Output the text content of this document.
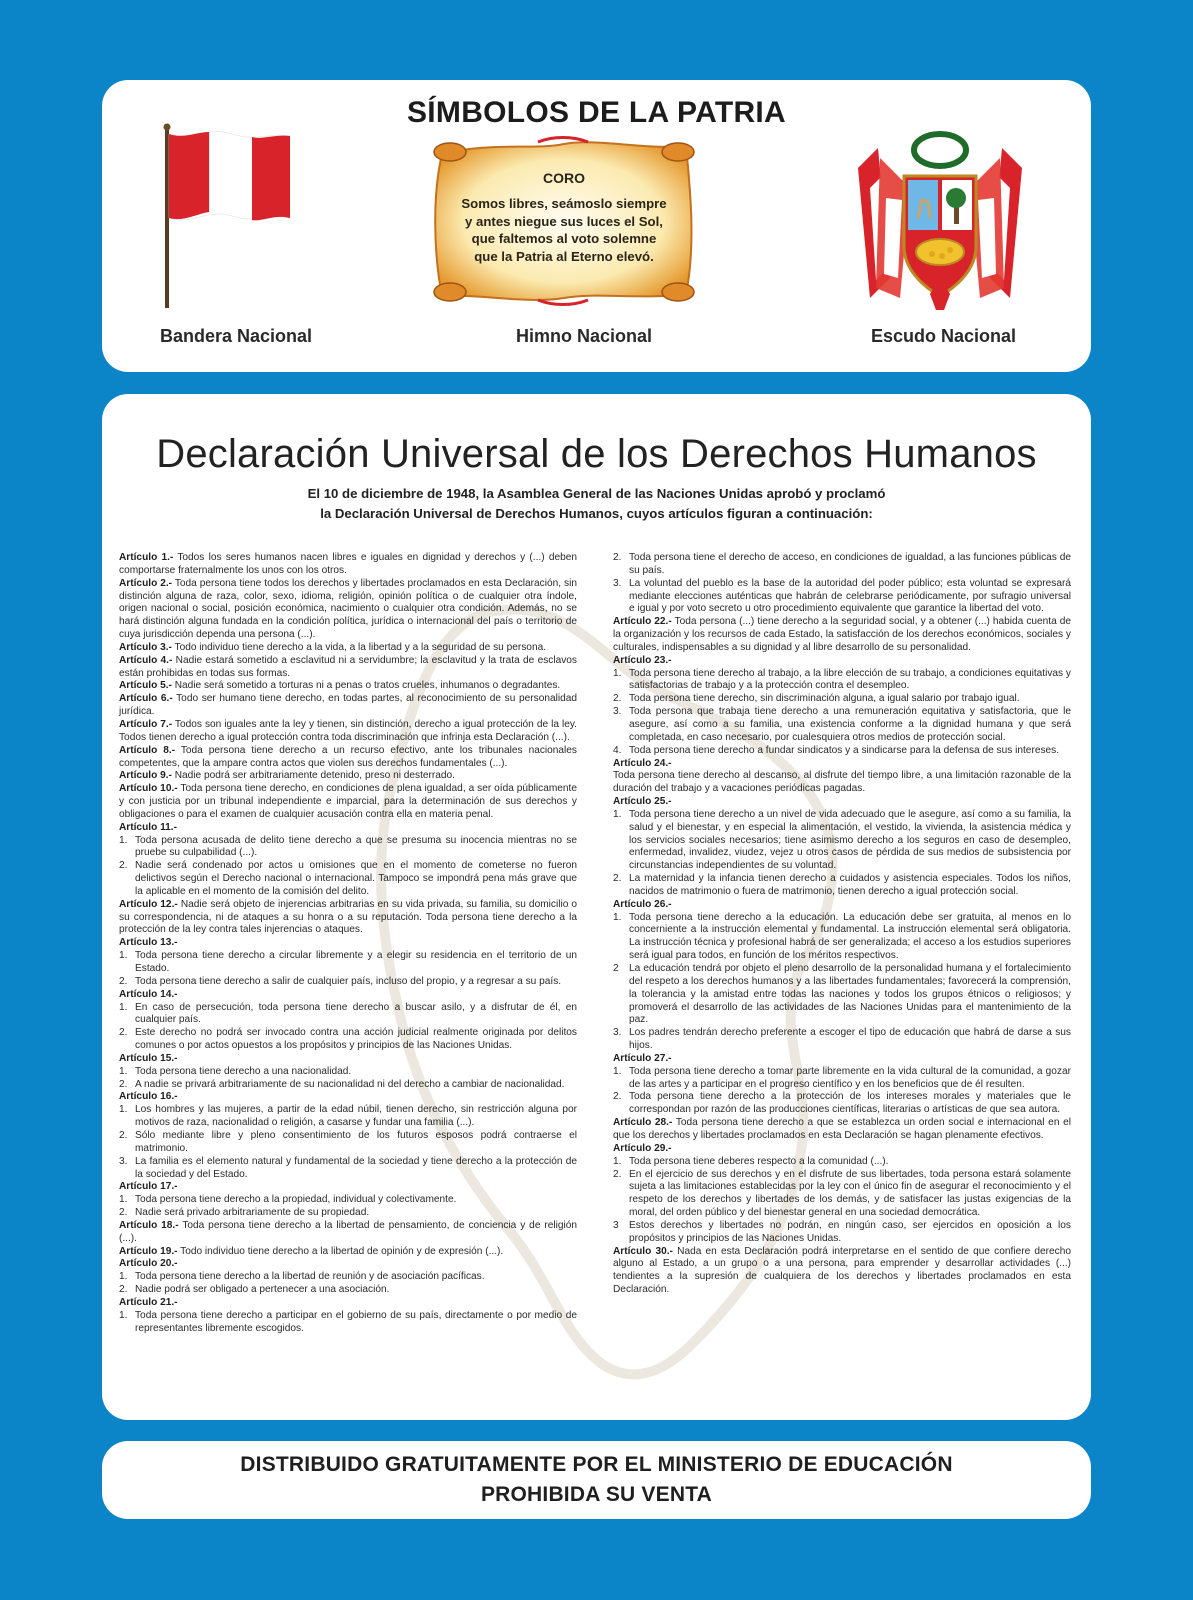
SÍMBOLOS DE LA PATRIA
CORO
Somos libres, seámoslo siempre
y antes niegue sus luces el Sol,
que faltemos al voto solemne
que la Patria al Eterno elevó.
Bandera Nacional	Himno Nacional	Escudo Nacional
Declaración Universal de los Derechos Humanos
El 10 de diciembre de 1948, la Asamblea General de las Naciones Unidas aprobó y proclamó
la Declaración Universal de Derechos Humanos, cuyos artículos figuran a continuación:
Artículo 1.- Todos los seres humanos nacen libres e iguales en dignidad y derechos y (...) deben comportarse fraternalmente los unos con los otros.
Artículo 2.- Toda persona tiene todos los derechos y libertades proclamados en esta Declaración, sin distinción alguna de raza, color, sexo, idioma, religión, opinión política o de cualquier otra índole, origen nacional o social, posición económica, nacimiento o cualquier otra condición. Además, no se hará distinción alguna fundada en la condición política, jurídica o internacional del país o territorio de cuya jurisdicción dependa una persona (...).
Artículo 3.- Todo individuo tiene derecho a la vida, a la libertad y a la seguridad de su persona.
Artículo 4.- Nadie estará sometido a esclavitud ni a servidumbre; la esclavitud y la trata de esclavos están prohibidas en todas sus formas.
Artículo 5.- Nadie será sometido a torturas ni a penas o tratos crueles, inhumanos o degradantes.
Artículo 6.- Todo ser humano tiene derecho, en todas partes, al reconocimiento de su personalidad jurídica.
Artículo 7.- Todos son iguales ante la ley y tienen, sin distinción, derecho a igual protección de la ley. Todos tienen derecho a igual protección contra toda discriminación que infrinja esta Declaración (...).
Artículo 8.- Toda persona tiene derecho a un recurso efectivo, ante los tribunales nacionales competentes, que la ampare contra actos que violen sus derechos fundamentales (...).
Artículo 9.- Nadie podrá ser arbitrariamente detenido, preso ni desterrado.
Artículo 10.- Toda persona tiene derecho, en condiciones de plena igualdad, a ser oída públicamente y con justicia por un tribunal independiente e imparcial, para la determinación de sus derechos y obligaciones o para el examen de cualquier acusación contra ella en materia penal.
Artículo 11.-
1. Toda persona acusada de delito tiene derecho a que se presuma su inocencia mientras no se pruebe su culpabilidad (...).
2. Nadie será condenado por actos u omisiones que en el momento de cometerse no fueron delictivos según el Derecho nacional o internacional. Tampoco se impondrá pena más grave que la aplicable en el momento de la comisión del delito.
Artículo 12.- Nadie será objeto de injerencias arbitrarias en su vida privada, su familia, su domicilio o su correspondencia, ni de ataques a su honra o a su reputación. Toda persona tiene derecho a la protección de la ley contra tales injerencias o ataques.
Artículo 13.-
1. Toda persona tiene derecho a circular libremente y a elegir su residencia en el territorio de un Estado.
2. Toda persona tiene derecho a salir de cualquier país, incluso del propio, y a regresar a su país.
Artículo 14.-
1. En caso de persecución, toda persona tiene derecho a buscar asilo, y a disfrutar de él, en cualquier país.
2. Este derecho no podrá ser invocado contra una acción judicial realmente originada por delitos comunes o por actos opuestos a los propósitos y principios de las Naciones Unidas.
Artículo 15.-
1. Toda persona tiene derecho a una nacionalidad.
2. A nadie se privará arbitrariamente de su nacionalidad ni del derecho a cambiar de nacionalidad.
Artículo 16.-
1. Los hombres y las mujeres, a partir de la edad núbil, tienen derecho, sin restricción alguna por motivos de raza, nacionalidad o religión, a casarse y fundar una familia (...).
2. Sólo mediante libre y pleno consentimiento de los futuros esposos podrá contraerse el matrimonio.
3. La familia es el elemento natural y fundamental de la sociedad y tiene derecho a la protección de la sociedad y del Estado.
Artículo 17.-
1. Toda persona tiene derecho a la propiedad, individual y colectivamente.
2. Nadie será privado arbitrariamente de su propiedad.
Artículo 18.- Toda persona tiene derecho a la libertad de pensamiento, de conciencia y de religión (...).
Artículo 19.- Todo individuo tiene derecho a la libertad de opinión y de expresión (...).
Artículo 20.-
1. Toda persona tiene derecho a la libertad de reunión y de asociación pacíficas.
2. Nadie podrá ser obligado a pertenecer a una asociación.
Artículo 21.-
1. Toda persona tiene derecho a participar en el gobierno de su país, directamente o por medio de representantes libremente escogidos.
2. Toda persona tiene el derecho de acceso, en condiciones de igualdad, a las funciones públicas de su país.
3. La voluntad del pueblo es la base de la autoridad del poder público; esta voluntad se expresará mediante elecciones auténticas que habrán de celebrarse periódicamente, por sufragio universal e igual y por voto secreto u otro procedimiento equivalente que garantice la libertad del voto.
Artículo 22.- Toda persona (...) tiene derecho a la seguridad social, y a obtener (...) habida cuenta de la organización y los recursos de cada Estado, la satisfacción de los derechos económicos, sociales y culturales, indispensables a su dignidad y al libre desarrollo de su personalidad.
Artículo 23.-
1. Toda persona tiene derecho al trabajo, a la libre elección de su trabajo, a condiciones equitativas y satisfactorias de trabajo y a la protección contra el desempleo.
2. Toda persona tiene derecho, sin discriminación alguna, a igual salario por trabajo igual.
3. Toda persona que trabaja tiene derecho a una remuneración equitativa y satisfactoria, que le asegure, así como a su familia, una existencia conforme a la dignidad humana y que será completada, en caso necesario, por cualesquiera otros medios de protección social.
4. Toda persona tiene derecho a fundar sindicatos y a sindicarse para la defensa de sus intereses.
Artículo 24.-
Toda persona tiene derecho al descanso, al disfrute del tiempo libre, a una limitación razonable de la duración del trabajo y a vacaciones periódicas pagadas.
Artículo 25.-
1. Toda persona tiene derecho a un nivel de vida adecuado que le asegure, así como a su familia, la salud y el bienestar, y en especial la alimentación, el vestido, la vivienda, la asistencia médica y los servicios sociales necesarios; tiene asimismo derecho a los seguros en caso de desempleo, enfermedad, invalidez, viudez, vejez u otros casos de pérdida de sus medios de subsistencia por circunstancias independientes de su voluntad.
2. La maternidad y la infancia tienen derecho a cuidados y asistencia especiales. Todos los niños, nacidos de matrimonio o fuera de matrimonio, tienen derecho a igual protección social.
Artículo 26.-
1. Toda persona tiene derecho a la educación. La educación debe ser gratuita, al menos en lo concerniente a la instrucción elemental y fundamental. La instrucción elemental será obligatoria. La instrucción técnica y profesional habrá de ser generalizada; el acceso a los estudios superiores será igual para todos, en función de los méritos respectivos.
2 La educación tendrá por objeto el pleno desarrollo de la personalidad humana y el fortalecimiento del respeto a los derechos humanos y a las libertades fundamentales; favorecerá la comprensión, la tolerancia y la amistad entre todas las naciones y todos los grupos étnicos o religiosos; y promoverá el desarrollo de las actividades de las Naciones Unidas para el mantenimiento de la paz.
3. Los padres tendrán derecho preferente a escoger el tipo de educación que habrá de darse a sus hijos.
Artículo 27.-
1. Toda persona tiene derecho a tomar parte libremente en la vida cultural de la comunidad, a gozar de las artes y a participar en el progreso científico y en los beneficios que de él resulten.
2. Toda persona tiene derecho a la protección de los intereses morales y materiales que le correspondan por razón de las producciones científicas, literarias o artísticas de que sea autora.
Artículo 28.- Toda persona tiene derecho a que se establezca un orden social e internacional en el que los derechos y libertades proclamados en esta Declaración se hagan plenamente efectivos.
Artículo 29.-
1. Toda persona tiene deberes respecto a la comunidad (...).
2. En el ejercicio de sus derechos y en el disfrute de sus libertades, toda persona estará solamente sujeta a las limitaciones establecidas por la ley con el único fin de asegurar el reconocimiento y el respeto de los derechos y libertades de los demás, y de satisfacer las justas exigencias de la moral, del orden público y del bienestar general en una sociedad democrática.
3 Estos derechos y libertades no podrán, en ningún caso, ser ejercidos en oposición a los propósitos y principios de las Naciones Unidas.
Artículo 30.- Nada en esta Declaración podrá interpretarse en el sentido de que confiere derecho alguno al Estado, a un grupo o a una persona, para emprender y desarrollar actividades (...) tendientes a la supresión de cualquiera de los derechos y libertades proclamados en esta Declaración.
DISTRIBUIDO GRATUITAMENTE POR EL MINISTERIO DE EDUCACIÓN
PROHIBIDA SU VENTA
